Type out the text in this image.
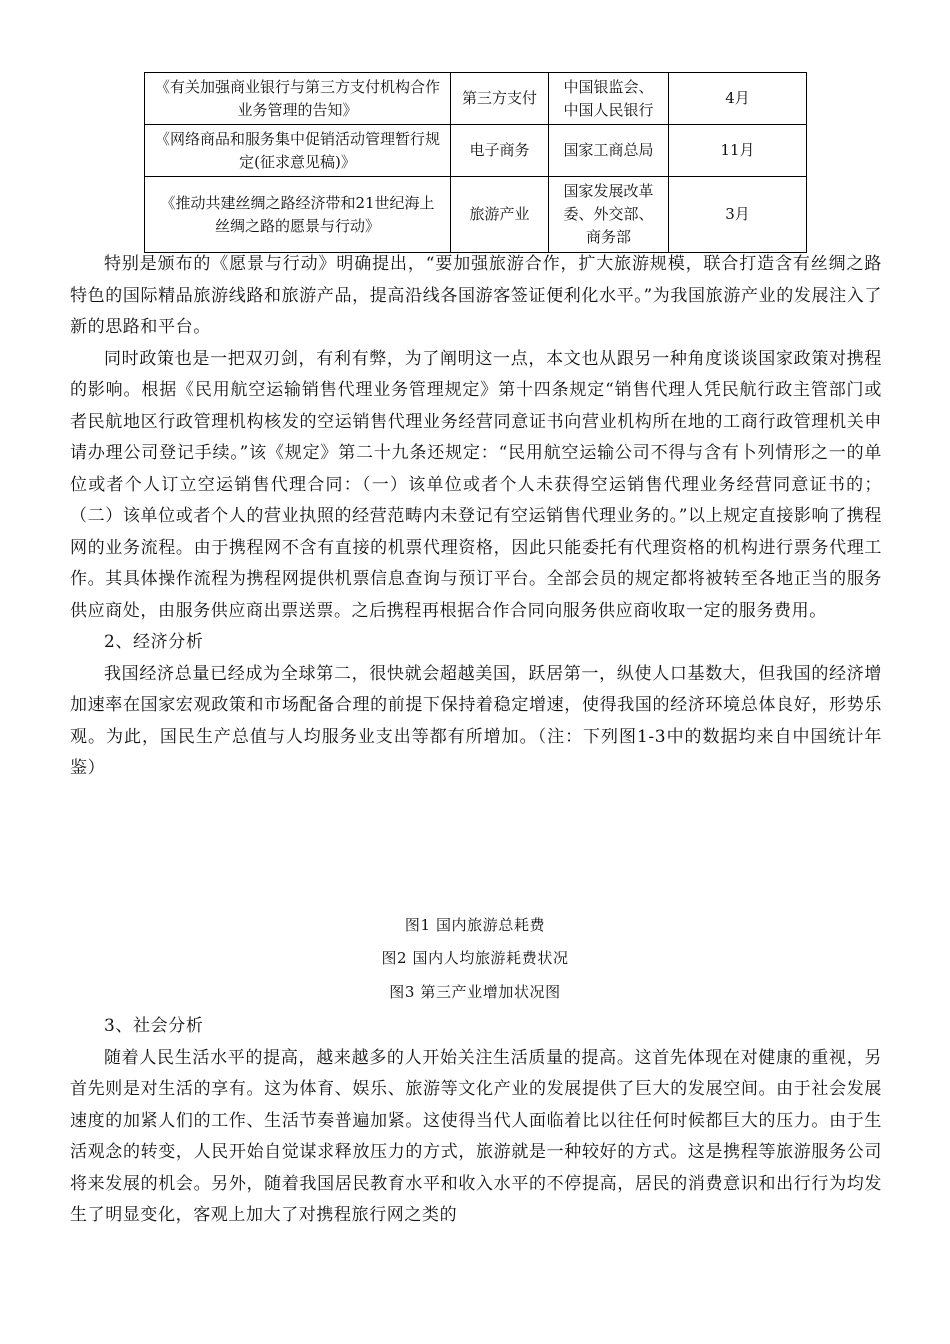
《有关加强商业银行与第三方支付机构合作业务管理的告知》	第三方支付	中国银监会、中国人民银行	4月
《网络商品和服务集中促销活动管理暂行规定(征求意见稿)》	电子商务	国家工商总局	11月
《推动共建丝绸之路经济带和21世纪海上丝绸之路的愿景与行动》	旅游产业	国家发展改革委、外交部、商务部	3月

特别是颁布的《愿景与行动》明确提出，“要加强旅游合作，扩大旅游规模，联合打造含有丝绸之路特色的国际精品旅游线路和旅游产品，提高沿线各国游客签证便利化水平。”为我国旅游产业的发展注入了新的思路和平台。

同时政策也是一把双刃剑，有利有弊，为了阐明这一点，本文也从跟另一种角度谈谈国家政策对携程的影响。根据《民用航空运输销售代理业务管理规定》第十四条规定“销售代理人凭民航行政主管部门或者民航地区行政管理机构核发的空运销售代理业务经营同意证书向营业机构所在地的工商行政管理机关申请办理公司登记手续。”该《规定》第二十九条还规定：“民用航空运输公司不得与含有卜列情形之一的单位或者个人订立空运销售代理合同：（一）该单位或者个人未获得空运销售代理业务经营同意证书的；（二）该单位或者个人的营业执照的经营范畴内未登记有空运销售代理业务的。”以上规定直接影响了携程网的业务流程。由于携程网不含有直接的机票代理资格，因此只能委托有代理资格的机构进行票务代理工作。其具体操作流程为携程网提供机票信息查询与预订平台。全部会员的规定都将被转至各地正当的服务供应商处，由服务供应商出票送票。之后携程再根据合作合同向服务供应商收取一定的服务费用。

2、经济分析

我国经济总量已经成为全球第二，很快就会超越美国，跃居第一，纵使人口基数大，但我国的经济增加速率在国家宏观政策和市场配备合理的前提下保持着稳定增速，使得我国的经济环境总体良好，形势乐观。为此，国民生产总值与人均服务业支出等都有所增加。（注：下列图1-3中的数据均来自中国统计年鉴）

图1 国内旅游总耗费
图2 国内人均旅游耗费状况
图3 第三产业增加状况图

3、社会分析

随着人民生活水平的提高，越来越多的人开始关注生活质量的提高。这首先体现在对健康的重视，另首先则是对生活的享有。这为体育、娱乐、旅游等文化产业的发展提供了巨大的发展空间。由于社会发展速度的加紧人们的工作、生活节奏普遍加紧。这使得当代人面临着比以往任何时候都巨大的压力。由于生活观念的转变，人民开始自觉谋求释放压力的方式，旅游就是一种较好的方式。这是携程等旅游服务公司将来发展的机会。另外，随着我国居民教育水平和收入水平的不停提高，居民的消费意识和出行行为均发生了明显变化，客观上加大了对携程旅行网之类的
